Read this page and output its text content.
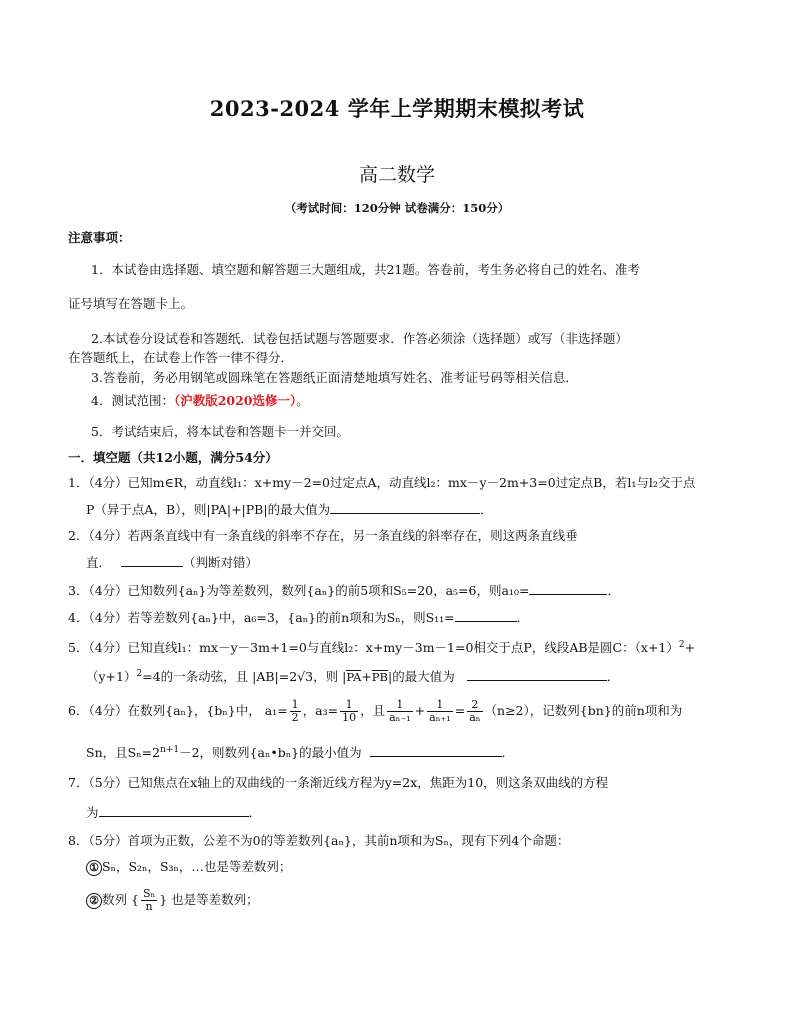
2023-2024 学年上学期期末模拟考试
高二数学
（考试时间：120分钟 试卷满分：150分）
注意事项：
1．本试卷由选择题、填空题和解答题三大题组成，共21题。答卷前，考生务必将自己的姓名、准考
证号填写在答题卡上。
2.本试卷分设试卷和答题纸．试卷包括试题与答题要求．作答必须涂（选择题）或写（非选择题）
在答题纸上，在试卷上作答一律不得分．
3.答卷前，务必用钢笔或圆珠笔在答题纸正面清楚地填写姓名、准考证号码等相关信息．
4．测试范围：（沪教版2020选修一）。
5．考试结束后，将本试卷和答题卡一并交回。
一．填空题（共12小题，满分54分）
1．（4分）已知m∈R，动直线l₁：x+my－2=0过定点A，动直线l₂：mx－y－2m+3=0过定点B，若l₁与l₂交于点
P（异于点A，B），则|PA|+|PB|的最大值为	．
2．（4分）若两条直线中有一条直线的斜率不存在，另一条直线的斜率存在，则这两条直线垂
直．	（判断对错）
3．（4分）已知数列{aₙ}为等差数列，数列{aₙ}的前5项和S₅=20，a₅=6，则a₁₀=	．
4．（4分）若等差数列{aₙ}中，a₆=3，{aₙ}的前n项和为Sₙ，则S₁₁=	．
5．（4分）已知直线l₁：mx－y－3m+1=0与直线l₂：x+my－3m－1=0相交于点P，线段AB是圆C：$(x+1)^2+$
$(y+1)^2=4$的一条动弦，且 |AB|=2√3，则 |PA+PB|的最大值为	．
6．（4分）在数列{aₙ}，{bₙ}中， $a_1= \frac{1}{2}$ ，$a_3= \frac{1}{10}$ ，且 $\frac{1}{\text{aₙ₋₁}} + \frac{1}{\text{aₙ₊₁}} = \frac{2}{\text{aₙ}} (n\ge 2)$，记数列{bn}的前n项和为
Sn，且$S_n=2^{n+1}-2$，则数列{aₙ•bₙ}的最小值为	．
7．（5分）已知焦点在x轴上的双曲线的一条渐近线方程为y=2x，焦距为10，则这条双曲线的方程
为	．
8．（5分）首项为正数，公差不为0的等差数列{aₙ}，其前n项和为Sₙ，现有下列4个命题：
① Sₙ，S₂ₙ，S₃ₙ，…也是等差数列；
② 数列 { $\frac{\text{Sₙ}}{n}$ } 也是等差数列；
